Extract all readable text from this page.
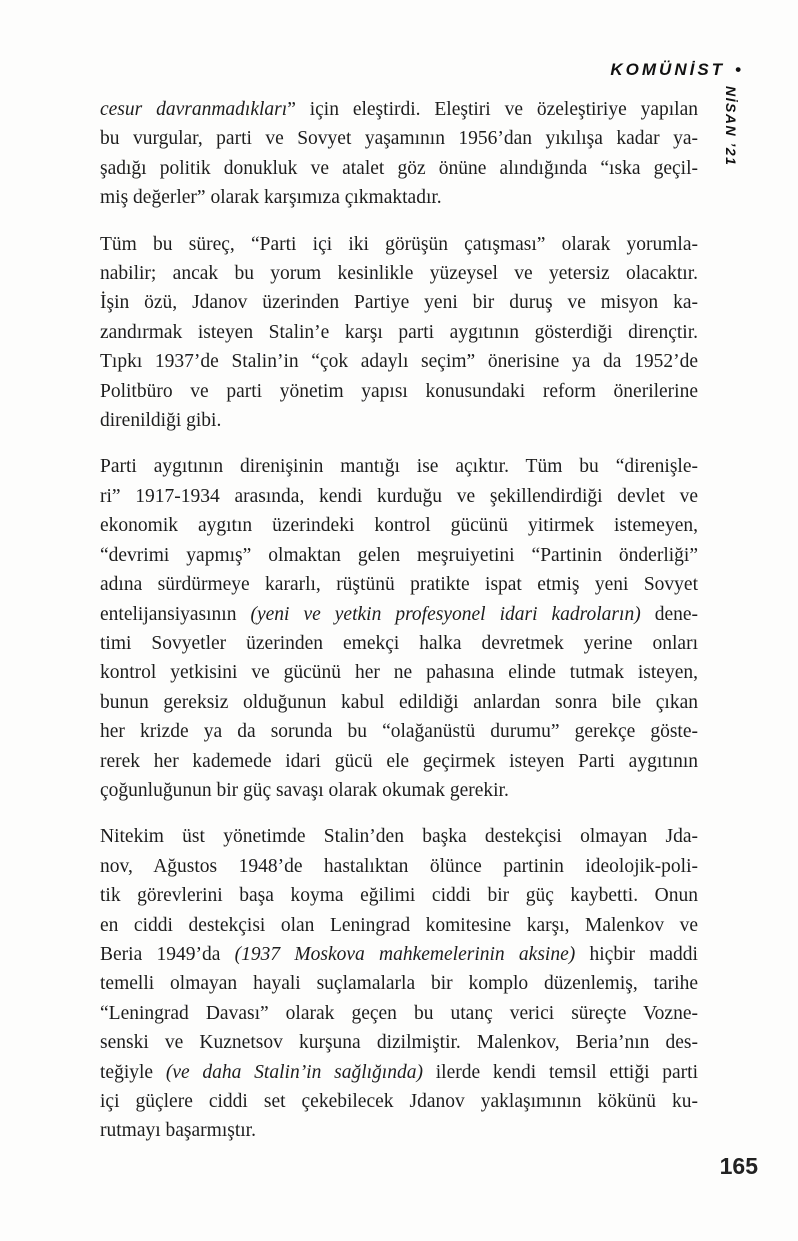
KOMÜNİST •
NİSAN ’21
cesur davranmadıkları” için eleştirdi. Eleştiri ve özeleştiriye yapılan
bu vurgular, parti ve Sovyet yaşamının 1956’dan yıkılışa kadar ya-
şadığı politik donukluk ve atalet göz önüne alındığında “ıska geçil-
miş değerler” olarak karşımıza çıkmaktadır.
Tüm bu süreç, “Parti içi iki görüşün çatışması” olarak yorumla-
nabilir; ancak bu yorum kesinlikle yüzeysel ve yetersiz olacaktır.
İşin özü, Jdanov üzerinden Partiye yeni bir duruş ve misyon ka-
zandırmak isteyen Stalin’e karşı parti aygıtının gösterdiği dirençtir.
Tıpkı 1937’de Stalin’in “çok adaylı seçim” önerisine ya da 1952’de
Politbüro ve parti yönetim yapısı konusundaki reform önerilerine
direnildiği gibi.
Parti aygıtının direnişinin mantığı ise açıktır. Tüm bu “direnişle-
ri” 1917-1934 arasında, kendi kurduğu ve şekillendirdiği devlet ve
ekonomik aygıtın üzerindeki kontrol gücünü yitirmek istemeyen,
“devrimi yapmış” olmaktan gelen meşruiyetini “Partinin önderliği”
adına sürdürmeye kararlı, rüştünü pratikte ispat etmiş yeni Sovyet
entelijansiyasının (yeni ve yetkin profesyonel idari kadroların) dene-
timi Sovyetler üzerinden emekçi halka devretmek yerine onları
kontrol yetkisini ve gücünü her ne pahasına elinde tutmak isteyen,
bunun gereksiz olduğunun kabul edildiği anlardan sonra bile çıkan
her krizde ya da sorunda bu “olağanüstü durumu” gerekçe göste-
rerek her kademede idari gücü ele geçirmek isteyen Parti aygıtının
çoğunluğunun bir güç savaşı olarak okumak gerekir.
Nitekim üst yönetimde Stalin’den başka destekçisi olmayan Jda-
nov, Ağustos 1948’de hastalıktan ölünce partinin ideolojik-poli-
tik görevlerini başa koyma eğilimi ciddi bir güç kaybetti. Onun
en ciddi destekçisi olan Leningrad komitesine karşı, Malenkov ve
Beria 1949’da (1937 Moskova mahkemelerinin aksine) hiçbir maddi
temelli olmayan hayali suçlamalarla bir komplo düzenlemiş, tarihe
“Leningrad Davası” olarak geçen bu utanç verici süreçte Vozne-
senski ve Kuznetsov kurşuna dizilmiştir. Malenkov, Beria’nın des-
teğiyle (ve daha Stalin’in sağlığında) ilerde kendi temsil ettiği parti
içi güçlere ciddi set çekebilecek Jdanov yaklaşımının kökünü ku-
rutmayı başarmıştır.
165
